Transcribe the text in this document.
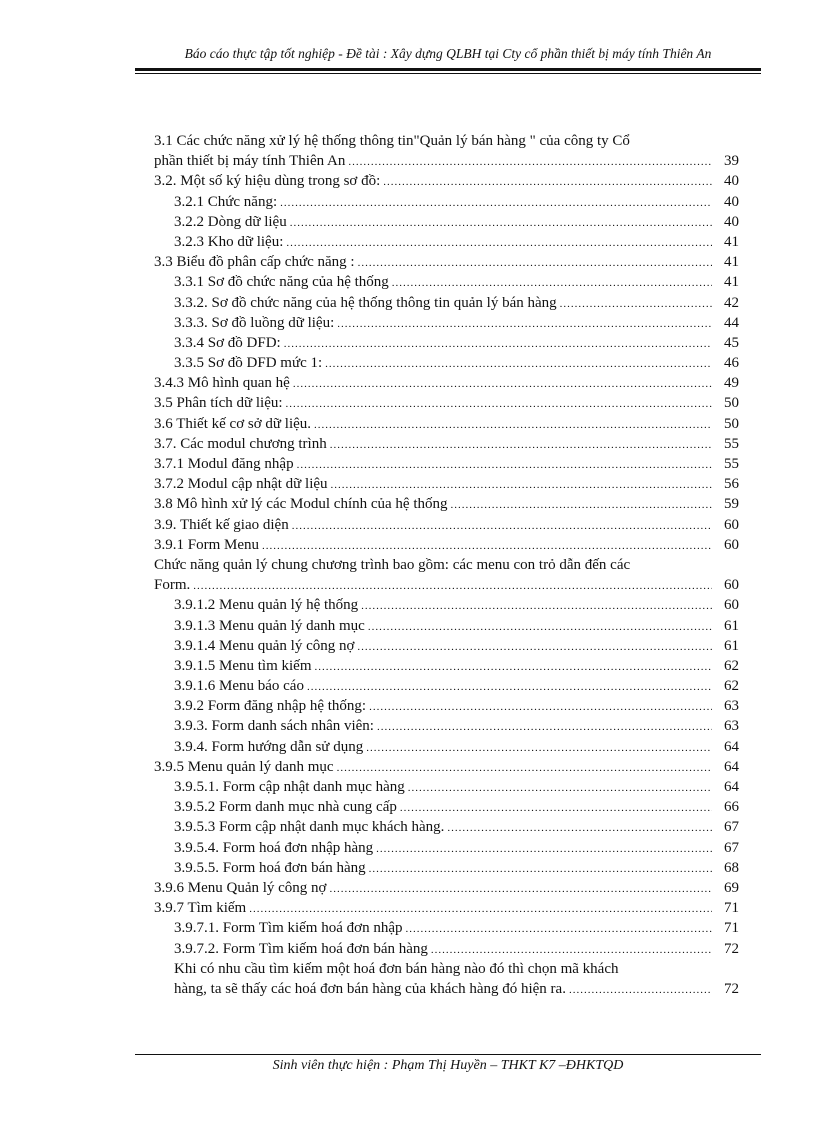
Báo cáo thực tập tốt nghiệp - Đề tài : Xây dựng QLBH tại Cty cổ phần thiết bị máy tính Thiên An
3.1 Các chức năng xử lý hệ thống thông tin"Quản lý bán hàng " của công ty Cổ
phần thiết bị máy tính Thiên An .....	39
3.2. Một số ký hiệu dùng trong sơ đồ: .....	40
3.2.1 Chức năng: .....	40
3.2.2 Dòng dữ liệu .....	40
3.2.3 Kho dữ liệu: .....	41
3.3 Biểu đồ phân cấp chức năng : .....	41
3.3.1 Sơ đồ chức năng của hệ thống .....	41
3.3.2. Sơ đồ chức năng của hệ thống thông tin quản lý bán hàng .....	42
3.3.3. Sơ đồ luồng dữ liệu: .....	44
3.3.4 Sơ đồ DFD: .....	45
3.3.5 Sơ đồ DFD mức 1: .....	46
3.4.3 Mô hình quan hệ .....	49
3.5 Phân tích dữ liệu: .....	50
3.6 Thiết kế cơ sở dữ liệu. .....	50
3.7. Các modul chương trình .....	55
3.7.1 Modul đăng nhập .....	55
3.7.2 Modul cập nhật dữ liệu .....	56
3.8 Mô hình xử lý các Modul chính của hệ thống .....	59
3.9. Thiết kế giao diện .....	60
3.9.1 Form Menu .....	60
Chức năng quản lý chung chương trình bao gồm: các menu con trỏ dẫn đến các
Form. .....	60
3.9.1.2 Menu quản lý hệ thống .....	60
3.9.1.3 Menu quản lý danh mục .....	61
3.9.1.4 Menu quản lý công nợ .....	61
3.9.1.5 Menu tìm kiếm .....	62
3.9.1.6 Menu báo cáo .....	62
3.9.2 Form đăng nhập hệ thống: .....	63
3.9.3. Form danh sách nhân viên: .....	63
3.9.4. Form hướng dẫn sử dụng .....	64
3.9.5 Menu quản lý danh mục .....	64
3.9.5.1. Form cập nhật danh mục hàng .....	64
3.9.5.2 Form danh mục nhà cung cấp .....	66
3.9.5.3 Form cập nhật danh mục khách hàng. .....	67
3.9.5.4. Form hoá đơn nhập hàng .....	67
3.9.5.5. Form hoá đơn bán hàng .....	68
3.9.6 Menu Quản lý công nợ .....	69
3.9.7 Tìm kiếm .....	71
3.9.7.1. Form Tìm kiếm hoá đơn nhập .....	71
3.9.7.2. Form Tìm kiếm hoá đơn bán hàng .....	72
Khi có nhu cầu tìm kiếm một hoá đơn bán hàng nào đó thì chọn mã khách
hàng, ta sẽ thấy các hoá đơn bán hàng của khách hàng đó hiện ra. .....	72
Sinh viên thực hiện : Phạm Thị Huyền – THKT K7 –ĐHKTQD
